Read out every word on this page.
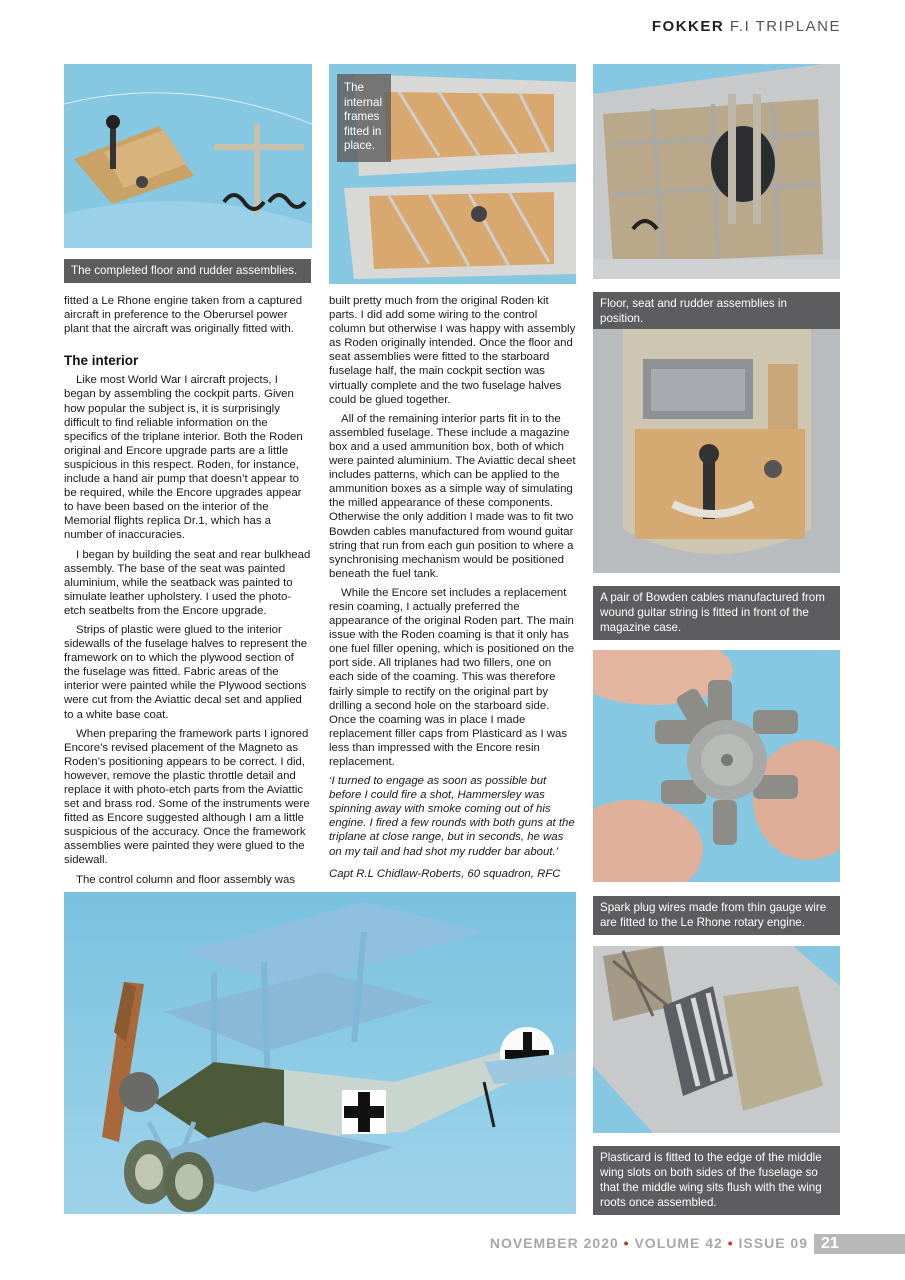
FOKKER F.I TRIPLANE
The completed floor and rudder assemblies.
The internal frames fitted in place.
Floor, seat and rudder assemblies in position.
A pair of Bowden cables manufactured from wound guitar string is fitted in front of the magazine case.
Spark plug wires made from thin gauge wire are fitted to the Le Rhone rotary engine.
Plasticard is fitted to the edge of the middle wing slots on both sides of the fuselage so that the middle wing sits flush with the wing roots once assembled.

fitted a Le Rhone engine taken from a captured aircraft in preference to the Oberursel power plant that the aircraft was originally fitted with.

The interior

Like most World War I aircraft projects, I began by assembling the cockpit parts. Given how popular the subject is, it is surprisingly difficult to find reliable information on the specifics of the triplane interior. Both the Roden original and Encore upgrade parts are a little suspicious in this respect. Roden, for instance, include a hand air pump that doesn’t appear to be required, while the Encore upgrades appear to have been based on the interior of the Memorial flights replica Dr.1, which has a number of inaccuracies.

I began by building the seat and rear bulkhead assembly. The base of the seat was painted aluminium, while the seatback was painted to simulate leather upholstery. I used the photo-etch seatbelts from the Encore upgrade.

Strips of plastic were glued to the interior sidewalls of the fuselage halves to represent the framework on to which the plywood section of the fuselage was fitted. Fabric areas of the interior were painted while the Plywood sections were cut from the Aviattic decal set and applied to a white base coat.

When preparing the framework parts I ignored Encore’s revised placement of the Magneto as Roden’s positioning appears to be correct. I did, however, remove the plastic throttle detail and replace it with photo-etch parts from the Aviattic set and brass rod. Some of the instruments were fitted as Encore suggested although I am a little suspicious of the accuracy. Once the framework assemblies were painted they were glued to the sidewall.

The control column and floor assembly was

built pretty much from the original Roden kit parts. I did add some wiring to the control column but otherwise I was happy with assembly as Roden originally intended. Once the floor and seat assemblies were fitted to the starboard fuselage half, the main cockpit section was virtually complete and the two fuselage halves could be glued together.

All of the remaining interior parts fit in to the assembled fuselage. These include a magazine box and a used ammunition box, both of which were painted aluminium. The Aviattic decal sheet includes patterns, which can be applied to the ammunition boxes as a simple way of simulating the milled appearance of these components. Otherwise the only addition I made was to fit two Bowden cables manufactured from wound guitar string that run from each gun position to where a synchronising mechanism would be positioned beneath the fuel tank.

While the Encore set includes a replacement resin coaming, I actually preferred the appearance of the original Roden part. The main issue with the Roden coaming is that it only has one fuel filler opening, which is positioned on the port side. All triplanes had two fillers, one on each side of the coaming. This was therefore fairly simple to rectify on the original part by drilling a second hole on the starboard side. Once the coaming was in place I made replacement filler caps from Plasticard as I was less than impressed with the Encore resin replacement.

‘I turned to engage as soon as possible but before I could fire a shot, Hammersley was spinning away with smoke coming out of his engine. I fired a few rounds with both guns at the triplane at close range, but in seconds, he was on my tail and had shot my rudder bar about.’

Capt R.L Chidlaw-Roberts, 60 squadron, RFC

NOVEMBER 2020 • VOLUME 42 • ISSUE 09 21
